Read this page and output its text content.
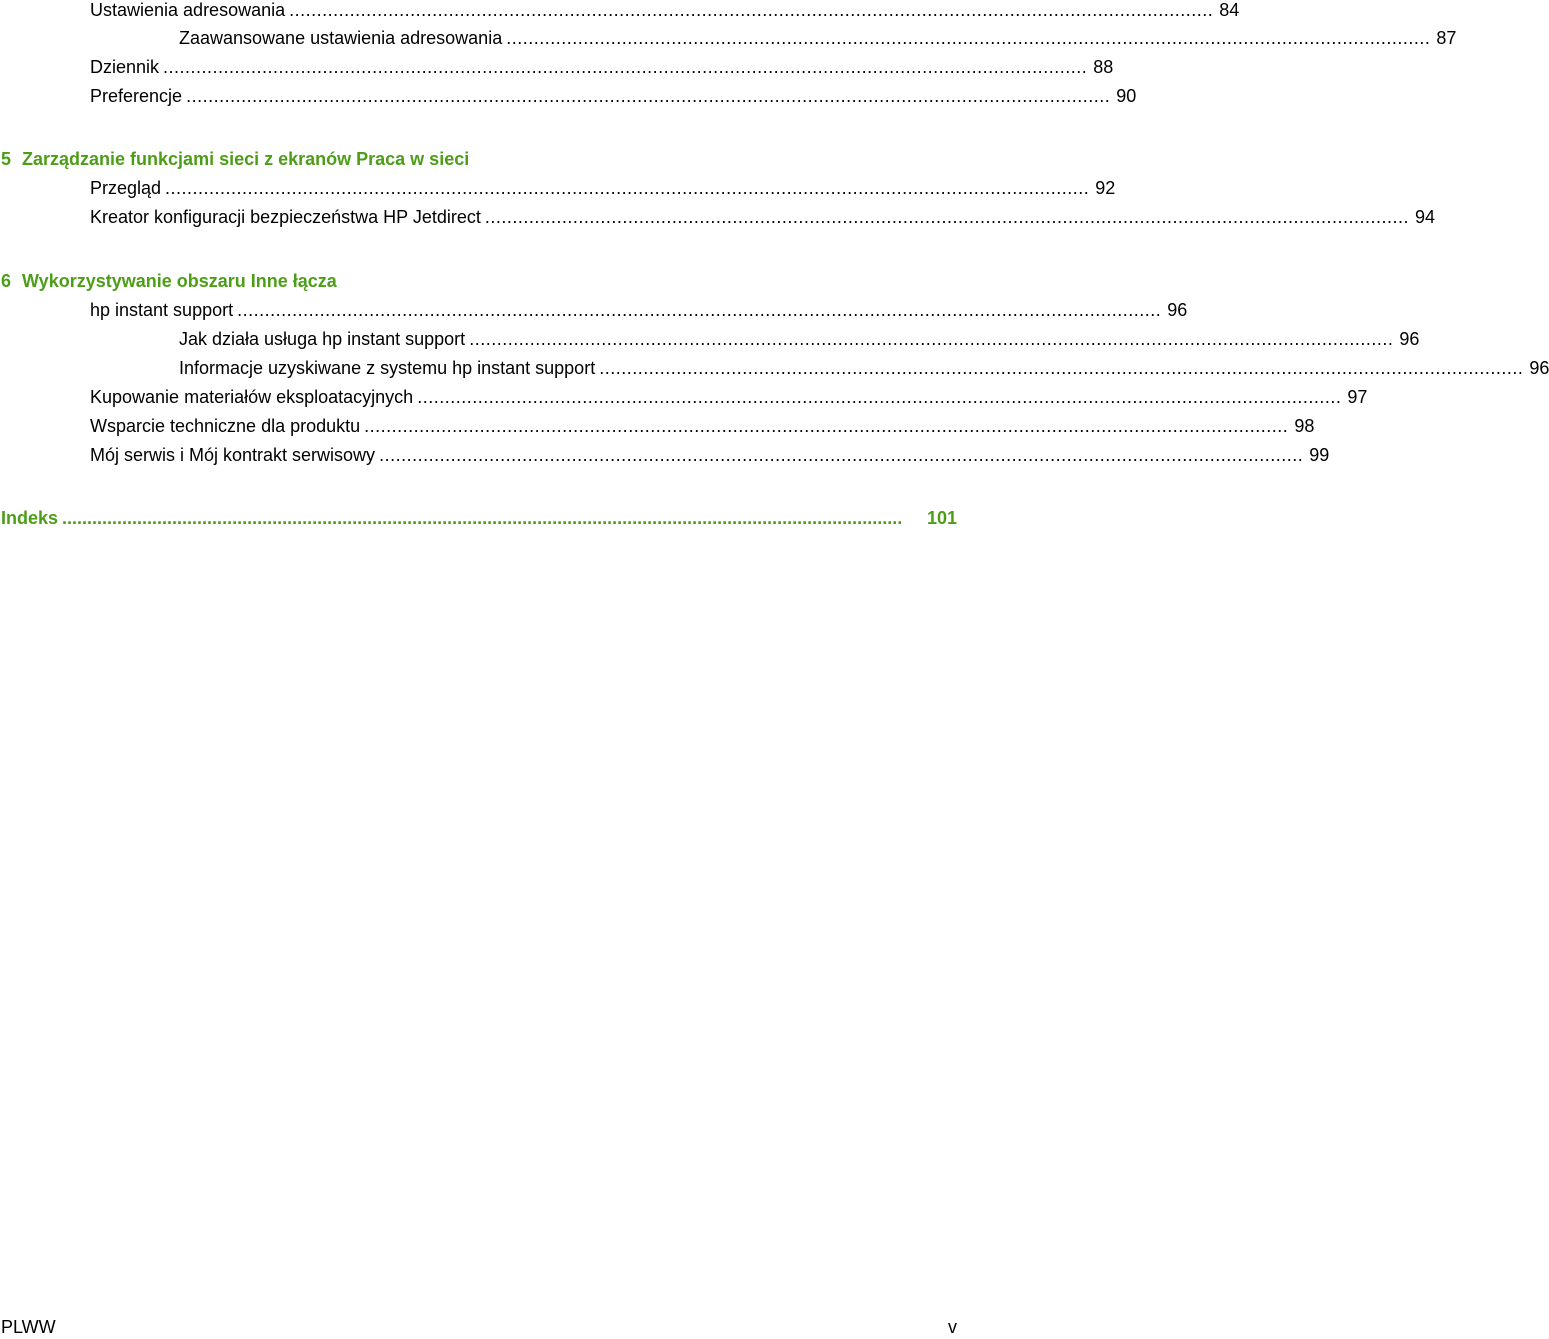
Ustawienia adresowania ........................................................................................................................................................................ 84
Zaawansowane ustawienia adresowania ........................................................................................................................................................................ 87
Dziennik ........................................................................................................................................................................ 88
Preferencje ........................................................................................................................................................................ 90
5 Zarządzanie funkcjami sieci z ekranów Praca w sieci
Przegląd ........................................................................................................................................................................ 92
Kreator konfiguracji bezpieczeństwa HP Jetdirect ........................................................................................................................................................................ 94
6 Wykorzystywanie obszaru Inne łącza
hp instant support ........................................................................................................................................................................ 96
Jak działa usługa hp instant support ........................................................................................................................................................................ 96
Informacje uzyskiwane z systemu hp instant support ........................................................................................................................................................................ 96
Kupowanie materiałów eksploatacyjnych ........................................................................................................................................................................ 97
Wsparcie techniczne dla produktu ........................................................................................................................................................................ 98
Mój serwis i Mój kontrakt serwisowy ........................................................................................................................................................................ 99
Indeks ........................................................................................................................................................................	101
PLWW	v
